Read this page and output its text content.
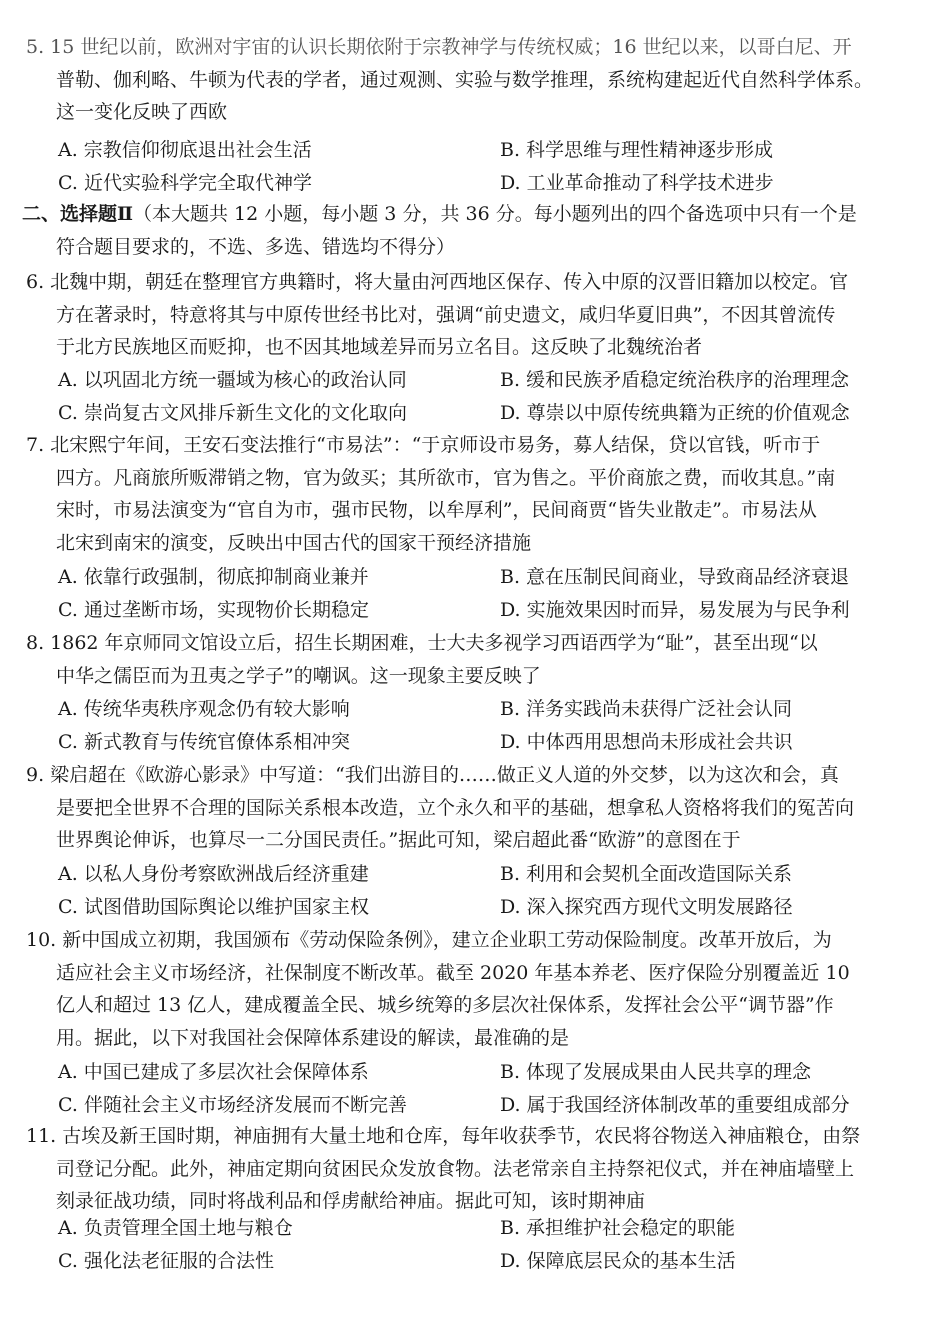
5. 15 世纪以前，欧洲对宇宙的认识长期依附于宗教神学与传统权威；16 世纪以来，以哥白尼、开
普勒、伽利略、牛顿为代表的学者，通过观测、实验与数学推理，系统构建起近代自然科学体系。
这一变化反映了西欧
A. 宗教信仰彻底退出社会生活	B. 科学思维与理性精神逐步形成
C. 近代实验科学完全取代神学	D. 工业革命推动了科学技术进步
二、选择题Ⅱ（本大题共 12 小题，每小题 3 分，共 36 分。每小题列出的四个备选项中只有一个是
符合题目要求的，不选、多选、错选均不得分）
6. 北魏中期，朝廷在整理官方典籍时，将大量由河西地区保存、传入中原的汉晋旧籍加以校定。官
方在著录时，特意将其与中原传世经书比对，强调“前史遗文，咸归华夏旧典”，不因其曾流传
于北方民族地区而贬抑，也不因其地域差异而另立名目。这反映了北魏统治者
A. 以巩固北方统一疆域为核心的政治认同	B. 缓和民族矛盾稳定统治秩序的治理理念
C. 崇尚复古文风排斥新生文化的文化取向	D. 尊崇以中原传统典籍为正统的价值观念
7. 北宋熙宁年间，王安石变法推行“市易法”：“于京师设市易务，募人结保，贷以官钱，听市于
四方。凡商旅所贩滞销之物，官为敛买；其所欲市，官为售之。平价商旅之费，而收其息。”南
宋时，市易法演变为“官自为市，强市民物，以牟厚利”，民间商贾“皆失业散走”。市易法从
北宋到南宋的演变，反映出中国古代的国家干预经济措施
A. 依靠行政强制，彻底抑制商业兼并	B. 意在压制民间商业，导致商品经济衰退
C. 通过垄断市场，实现物价长期稳定	D. 实施效果因时而异，易发展为与民争利
8. 1862 年京师同文馆设立后，招生长期困难，士大夫多视学习西语西学为“耻”，甚至出现“以
中华之儒臣而为丑夷之学子”的嘲讽。这一现象主要反映了
A. 传统华夷秩序观念仍有较大影响	B. 洋务实践尚未获得广泛社会认同
C. 新式教育与传统官僚体系相冲突	D. 中体西用思想尚未形成社会共识
9. 梁启超在《欧游心影录》中写道：“我们出游目的……做正义人道的外交梦，以为这次和会，真
是要把全世界不合理的国际关系根本改造，立个永久和平的基础，想拿私人资格将我们的冤苦向
世界舆论伸诉，也算尽一二分国民责任。”据此可知，梁启超此番“欧游”的意图在于
A. 以私人身份考察欧洲战后经济重建	B. 利用和会契机全面改造国际关系
C. 试图借助国际舆论以维护国家主权	D. 深入探究西方现代文明发展路径
10. 新中国成立初期，我国颁布《劳动保险条例》，建立企业职工劳动保险制度。改革开放后，为
适应社会主义市场经济，社保制度不断改革。截至 2020 年基本养老、医疗保险分别覆盖近 10
亿人和超过 13 亿人，建成覆盖全民、城乡统筹的多层次社保体系，发挥社会公平“调节器”作
用。据此，以下对我国社会保障体系建设的解读，最准确的是
A. 中国已建成了多层次社会保障体系	B. 体现了发展成果由人民共享的理念
C. 伴随社会主义市场经济发展而不断完善	D. 属于我国经济体制改革的重要组成部分
11. 古埃及新王国时期，神庙拥有大量土地和仓库，每年收获季节，农民将谷物送入神庙粮仓，由祭
司登记分配。此外，神庙定期向贫困民众发放食物。法老常亲自主持祭祀仪式，并在神庙墙壁上
刻录征战功绩，同时将战利品和俘虏献给神庙。据此可知，该时期神庙
A. 负责管理全国土地与粮仓	B. 承担维护社会稳定的职能
C. 强化法老征服的合法性	D. 保障底层民众的基本生活
